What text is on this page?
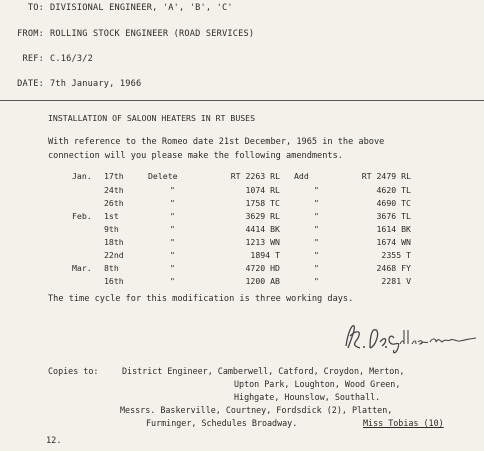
TO: DIVISIONAL ENGINEER, 'A', 'B', 'C'
FROM: ROLLING STOCK ENGINEER (ROAD SERVICES)
REF: C.16/3/2
DATE: 7th January, 1966
INSTALLATION OF SALOON HEATERS IN RT BUSES
With reference to the Romeo date 21st December, 1965 in the above
connection will you please make the following amendments.
Jan. 17th	Delete	RT 2263 RL Add	RT 2479 RL
24th	"	1074 RL	"	4620 TL
26th	"	1758 TC	"	4690 TC
Feb. 1st	"	3629 RL	"	3676 TL
9th	"	4414 BK	"	1614 BK
18th	"	1213 WN	"	1674 WN
22nd	"	1894 T	"	2355 T
Mar. 8th	"	4720 HD	"	2468 FY
16th	"	1200 AB	"	2281 V
The time cycle for this modification is three working days.
Copies to:	District Engineer, Camberwell, Catford, Croydon, Merton,
Upton Park, Loughton, Wood Green,
Highgate, Hounslow, Southall.
Messrs. Baskerville, Courtney, Fordsdick (2), Platten,
Furminger, Schedules Broadway.	Miss Tobias (10)
12.
